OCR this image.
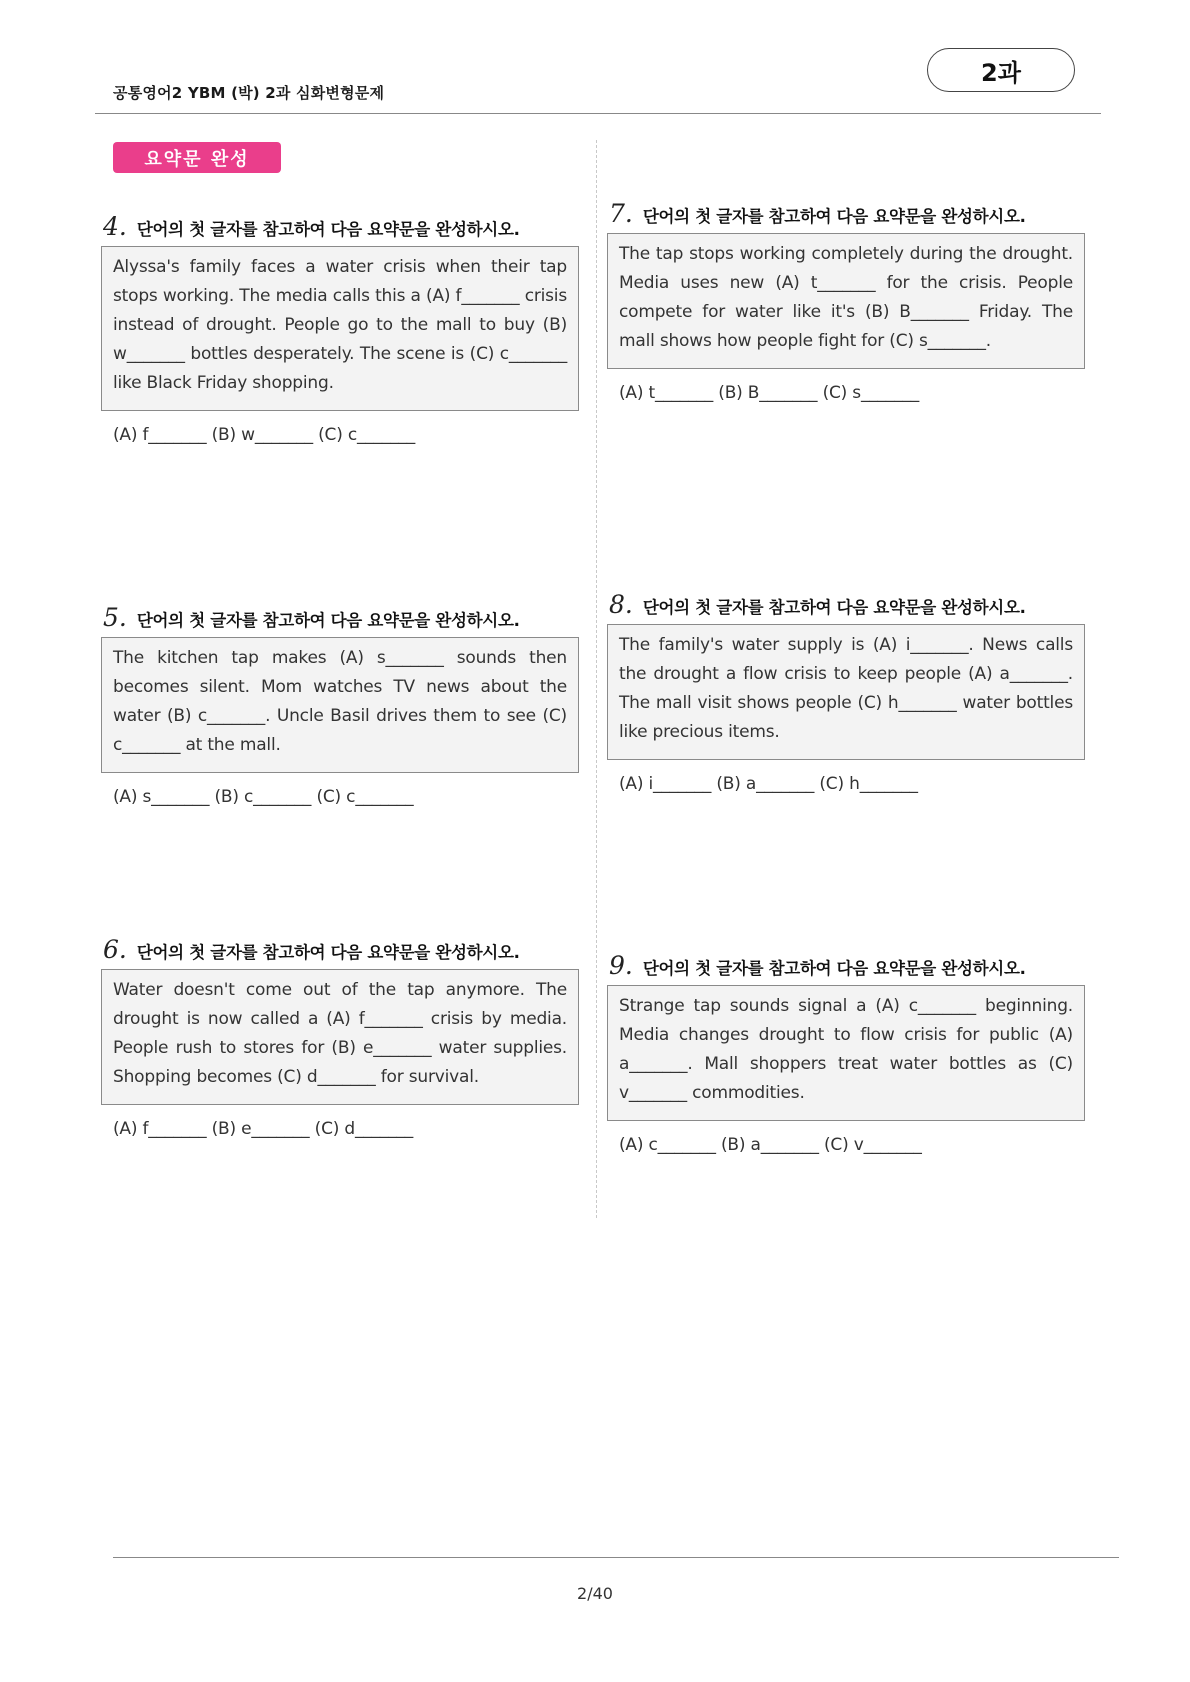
공통영어2 YBM (박) 2과 심화변형문제
2과
요약문 완성
4. 단어의 첫 글자를 참고하여 다음 요약문을 완성하시오.
Alyssa's family faces a water crisis when their tap stops working. The media calls this a (A) f_______ crisis instead of drought. People go to the mall to buy (B) w_______ bottles desperately. The scene is (C) c_______ like Black Friday shopping.
(A) f_______ (B) w_______ (C) c_______
5. 단어의 첫 글자를 참고하여 다음 요약문을 완성하시오.
The kitchen tap makes (A) s_______ sounds then becomes silent. Mom watches TV news about the water (B) c_______. Uncle Basil drives them to see (C) c_______ at the mall.
(A) s_______ (B) c_______ (C) c_______
6. 단어의 첫 글자를 참고하여 다음 요약문을 완성하시오.
Water doesn't come out of the tap anymore. The drought is now called a (A) f_______ crisis by media. People rush to stores for (B) e_______ water supplies. Shopping becomes (C) d_______ for survival.
(A) f_______ (B) e_______ (C) d_______
7. 단어의 첫 글자를 참고하여 다음 요약문을 완성하시오.
The tap stops working completely during the drought. Media uses new (A) t_______ for the crisis. People compete for water like it's (B) B_______ Friday. The mall shows how people fight for (C) s_______.
(A) t_______ (B) B_______ (C) s_______
8. 단어의 첫 글자를 참고하여 다음 요약문을 완성하시오.
The family's water supply is (A) i_______. News calls the drought a flow crisis to keep people (A) a_______. The mall visit shows people (C) h_______ water bottles like precious items.
(A) i_______ (B) a_______ (C) h_______
9. 단어의 첫 글자를 참고하여 다음 요약문을 완성하시오.
Strange tap sounds signal a (A) c_______ beginning. Media changes drought to flow crisis for public (A) a_______. Mall shoppers treat water bottles as (C) v_______ commodities.
(A) c_______ (B) a_______ (C) v_______
2/40
